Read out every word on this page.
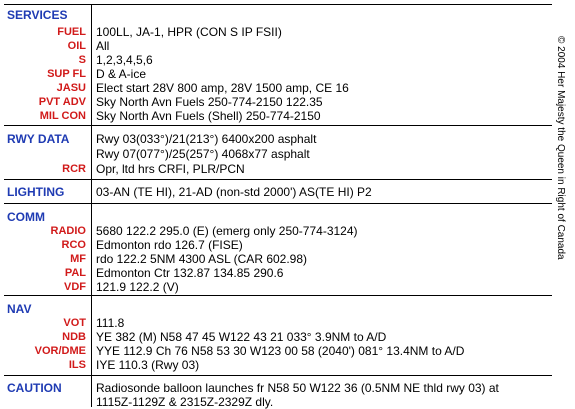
SERVICES
FUEL 100LL, JA-1, HPR (CON S IP FSII)
OIL All
S 1,2,3,4,5,6
SUP FL D & A-ice
JASU Elect start 28V 800 amp, 28V 1500 amp, CE 16
PVT ADV Sky North Avn Fuels 250-774-2150 122.35
MIL CON Sky North Avn Fuels (Shell) 250-774-2150
RWY DATA Rwy 03(033°)/21(213°) 6400x200 asphalt
Rwy 07(077°)/25(257°) 4068x77 asphalt
RCR Opr, ltd hrs CRFI, PLR/PCN
LIGHTING	03-AN (TE HI), 21-AD (non-std 2000') AS(TE HI) P2
COMM
RADIO 5680 122.2 295.0 (E) (emerg only 250-774-3124)
RCO Edmonton rdo 126.7 (FISE)
MF rdo 122.2 5NM 4300 ASL (CAR 602.98)
PAL Edmonton Ctr 132.87 134.85 290.6
VDF 121.9 122.2 (V)
NAV
VOT 111.8
NDB YE 382 (M) N58 47 45 W122 43 21 033° 3.9NM to A/D
VOR/DME YYE 112.9 Ch 76 N58 53 30 W123 00 58 (2040') 081° 13.4NM to A/D
ILS IYE 110.3 (Rwy 03)
CAUTION	Radiosonde balloon launches fr N58 50 W122 36 (0.5NM NE thld rwy 03) at
1115Z-1129Z & 2315Z-2329Z dly.
© 2004 Her Majesty the Queen in Right of Canada
